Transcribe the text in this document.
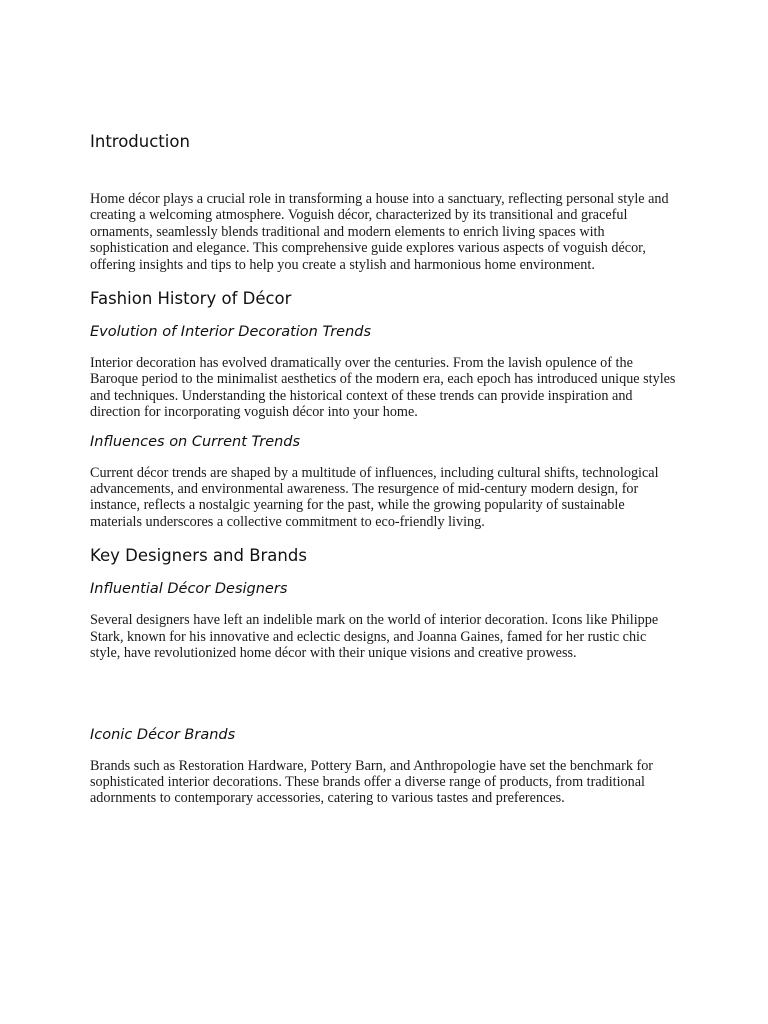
Introduction

Home décor plays a crucial role in transforming a house into a sanctuary, reflecting personal style and creating a welcoming atmosphere. Voguish décor, characterized by its transitional and graceful ornaments, seamlessly blends traditional and modern elements to enrich living spaces with sophistication and elegance. This comprehensive guide explores various aspects of voguish décor, offering insights and tips to help you create a stylish and harmonious home environment.

Fashion History of Décor
Evolution of Interior Decoration Trends

Interior decoration has evolved dramatically over the centuries. From the lavish opulence of the Baroque period to the minimalist aesthetics of the modern era, each epoch has introduced unique styles and techniques. Understanding the historical context of these trends can provide inspiration and direction for incorporating voguish décor into your home.

Influences on Current Trends

Current décor trends are shaped by a multitude of influences, including cultural shifts, technological advancements, and environmental awareness. The resurgence of mid-century modern design, for instance, reflects a nostalgic yearning for the past, while the growing popularity of sustainable materials underscores a collective commitment to eco-friendly living.

Key Designers and Brands
Influential Décor Designers

Several designers have left an indelible mark on the world of interior decoration. Icons like Philippe Stark, known for his innovative and eclectic designs, and Joanna Gaines, famed for her rustic chic style, have revolutionized home décor with their unique visions and creative prowess.

Iconic Décor Brands

Brands such as Restoration Hardware, Pottery Barn, and Anthropologie have set the benchmark for sophisticated interior decorations. These brands offer a diverse range of products, from traditional adornments to contemporary accessories, catering to various tastes and preferences.
